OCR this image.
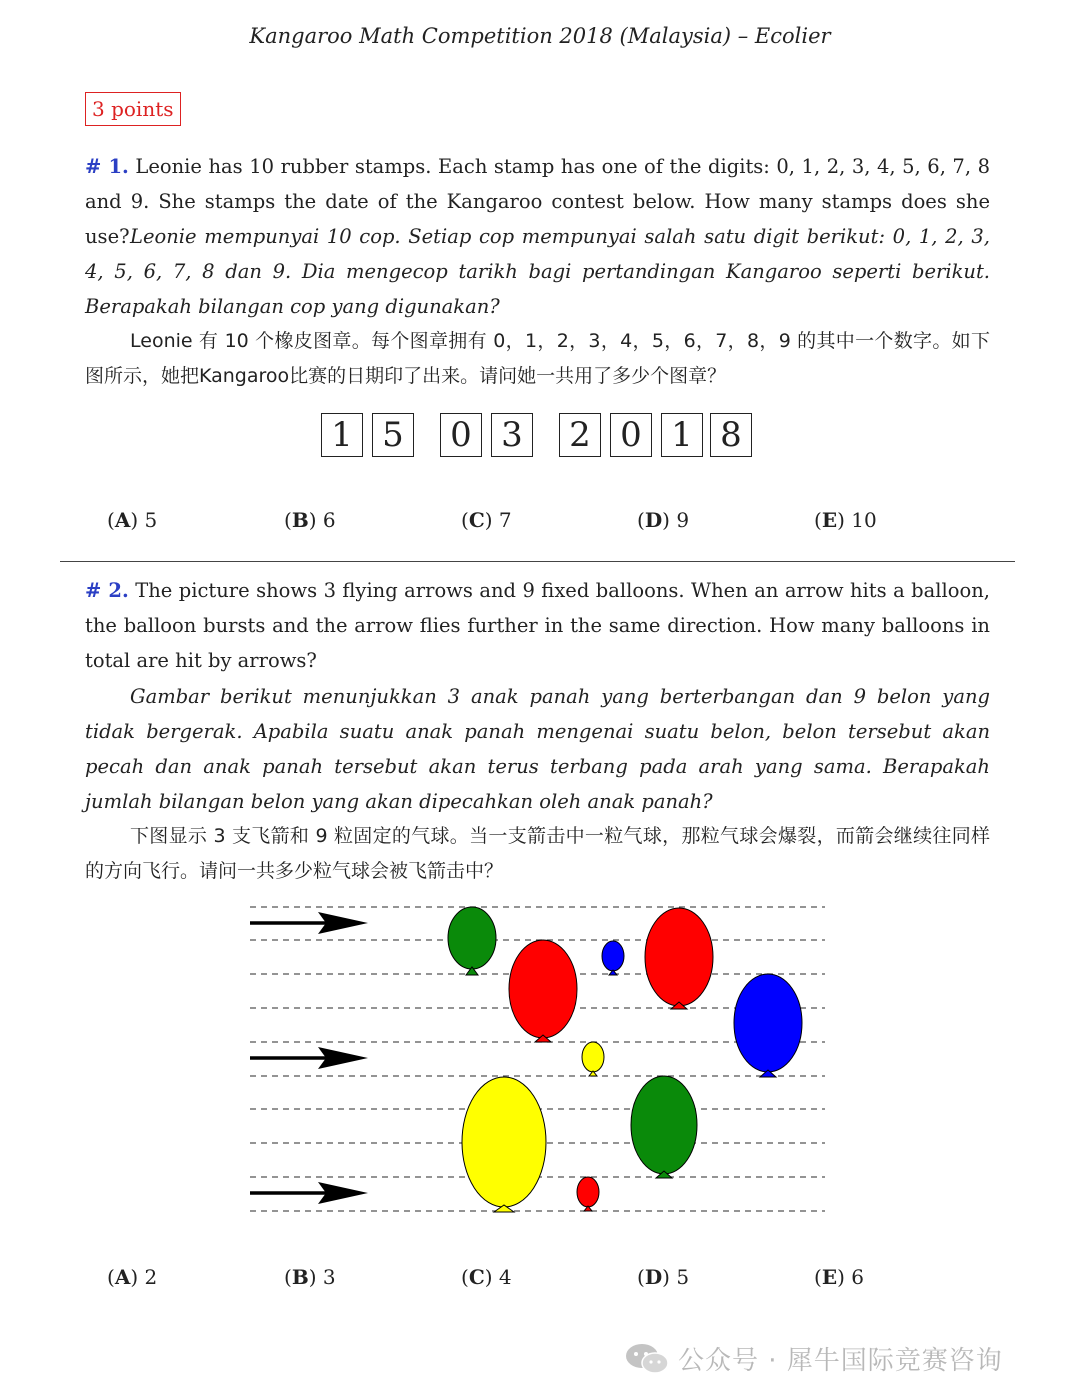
Kangaroo Math Competition 2018 (Malaysia) – Ecolier
3 points

# 1. Leonie has 10 rubber stamps. Each stamp has one of the digits: 0, 1, 2, 3, 4, 5, 6, 7, 8 and 9. She stamps the date of the Kangaroo contest below. How many stamps does she use? Leonie mempunyai 10 cop. Setiap cop mempunyai salah satu digit berikut: 0, 1, 2, 3, 4, 5, 6, 7, 8 dan 9. Dia mengecop tarikh bagi pertandingan Kangaroo seperti berikut. Berapakah bilangan cop yang digunakan?

Leonie 有 10 个橡皮图章。每个图章拥有 0，1，2，3，4，5，6，7，8，9 的其中一个数字。如下图所示，她把Kangaroo比赛的日期印了出来。请问她一共用了多少个图章？

1 5 0 3 2 0 1 8
(A) 5	(B) 6	(C) 7	(D) 9	(E) 10

# 2. The picture shows 3 flying arrows and 9 fixed balloons. When an arrow hits a balloon, the balloon bursts and the arrow flies further in the same direction. How many balloons in total are hit by arrows?

Gambar berikut menunjukkan 3 anak panah yang berterbangan dan 9 belon yang tidak bergerak. Apabila suatu anak panah mengenai suatu belon, belon tersebut akan pecah dan anak panah tersebut akan terus terbang pada arah yang sama. Berapakah jumlah bilangan belon yang akan dipecahkan oleh anak panah?

下图显示 3 支飞箭和 9 粒固定的气球。当一支箭击中一粒气球，那粒气球会爆裂，而箭会继续往同样的方向飞行。请问一共多少粒气球会被飞箭击中？

(A) 2	(B) 3	(C) 4	(D) 5	(E) 6
公众号 · 犀牛国际竞赛咨询
